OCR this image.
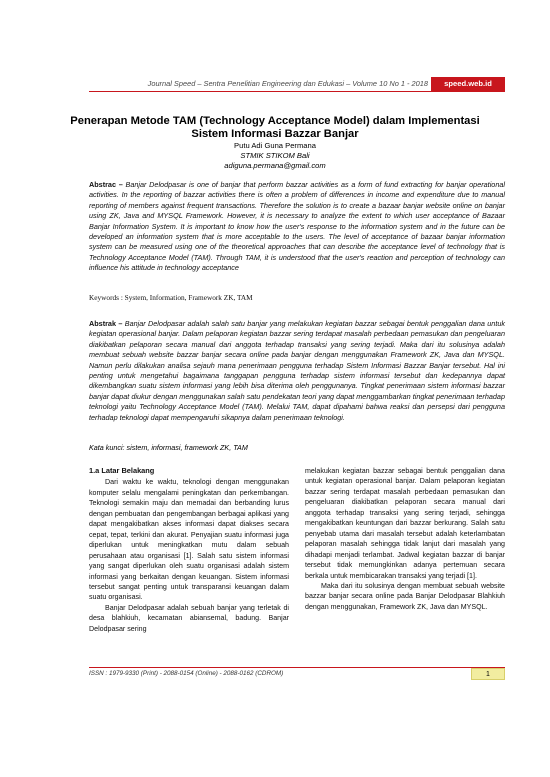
Journal Speed – Sentra Penelitian Engineering dan Edukasi – Volume 10 No 1 - 2018	speed.web.id
Penerapan Metode TAM (Technology Acceptance Model) dalam Implementasi
Sistem Informasi Bazzar Banjar
Putu Adi Guna Permana
STMIK STIKOM Bali
adiguna.permana@gmail.com
Abstrac – Banjar Delodpasar is one of banjar that perform bazzar activities as a form of fund extracting for banjar operational activities. In the reporting of bazzar activities there is often a problem of differences in income and expenditure due to manual reporting of members against frequent transactions. Therefore the solution is to create a bazaar banjar website online on banjar using ZK, Java and MYSQL Framework. However, it is necessary to analyze the extent to which user acceptance of Bazaar Banjar Information System. It is important to know how the user's response to the information system and in the future can be developed an information system that is more acceptable to the users. The level of acceptance of bazaar banjar information system can be measured using one of the theoretical approaches that can describe the acceptance level of technology that is Technology Acceptance Model (TAM). Through TAM, it is understood that the user's reaction and perception of technology can influence his attitude in technology acceptance
Keywords : System, Information, Framework ZK, TAM
Abstrak – Banjar Delodpasar adalah salah satu banjar yang melakukan kegiatan bazzar sebagai bentuk penggalian dana untuk kegiatan operasional banjar. Dalam pelaporan kegiatan bazzar sering terdapat masalah perbedaan pemasukan dan pengeluaran diakibatkan pelaporan secara manual dari anggota terhadap transaksi yang sering terjadi. Maka dari itu solusinya adalah membuat sebuah website bazzar banjar secara online pada banjar dengan menggunakan Framework ZK, Java dan MYSQL. Namun perlu dilakukan analisa sejauh mana penerimaan pengguna terhadap Sistem Informasi Bazzar Banjar tersebut. Hal ini penting untuk mengetahui bagaimana tanggapan pengguna terhadap sistem informasi tersebut dan kedepannya dapat dikembangkan suatu sistem informasi yang lebih bisa diterima oleh penggunanya. Tingkat penerimaan sistem informasi bazzar banjar dapat diukur dengan menggunakan salah satu pendekatan teori yang dapat menggambarkan tingkat penerimaan terhadap teknologi yaitu Technology Acceptance Model (TAM). Melalui TAM, dapat dipahami bahwa reaksi dan persepsi dari pengguna terhadap teknologi dapat mempengaruhi sikapnya dalam penerimaan teknologi.
Kata kunci: sistem, informasi, framework ZK, TAM
1.a Latar Belakang

Dari waktu ke waktu, teknologi dengan menggunakan komputer selalu mengalami peningkatan dan perkembangan. Teknologi semakin maju dan memadai dan berbanding lurus dengan pembuatan dan pengembangan berbagai aplikasi yang dapat mengakibatkan akses informasi dapat diakses secara cepat, tepat, terkini dan akurat. Penyajian suatu informasi juga diperlukan untuk meningkatkan mutu dalam sebuah perusahaan atau organisasi [1]. Salah satu sistem informasi yang sangat diperlukan oleh suatu organisasi adalah sistem informasi yang berkaitan dengan keuangan. Sistem informasi tersebut sangat penting untuk transparansi keuangan dalam suatu organisasi.

Banjar Delodpasar adalah sebuah banjar yang terletak di desa blahkiuh, kecamatan abiansemal, badung. Banjar Delodpasar sering

melakukan kegiatan bazzar sebagai bentuk penggalian dana untuk kegiatan operasional banjar. Dalam pelaporan kegiatan bazzar sering terdapat masalah perbedaan pemasukan dan pengeluaran diakibatkan pelaporan secara manual dari anggota terhadap transaksi yang sering terjadi, sehingga mengakibatkan keuntungan dari bazzar berkurang. Salah satu penyebab utama dari masalah tersebut adalah keterlambatan pelaporan masalah sehingga tidak lanjut dari masalah yang dihadapi menjadi terlambat. Jadwal kegiatan bazzar di banjar tersebut tidak memungkinkan adanya pertemuan secara berkala untuk membicarakan transaksi yang terjadi [1].

Maka dari itu solusinya dengan membuat sebuah website bazzar banjar secara online pada Banjar Delodpasar Blahkiuh dengan menggunakan, Framework ZK, Java dan MYSQL.

ISSN : 1979-9330 (Print) - 2088-0154 (Online) - 2088-0162 (CDROM)	1
